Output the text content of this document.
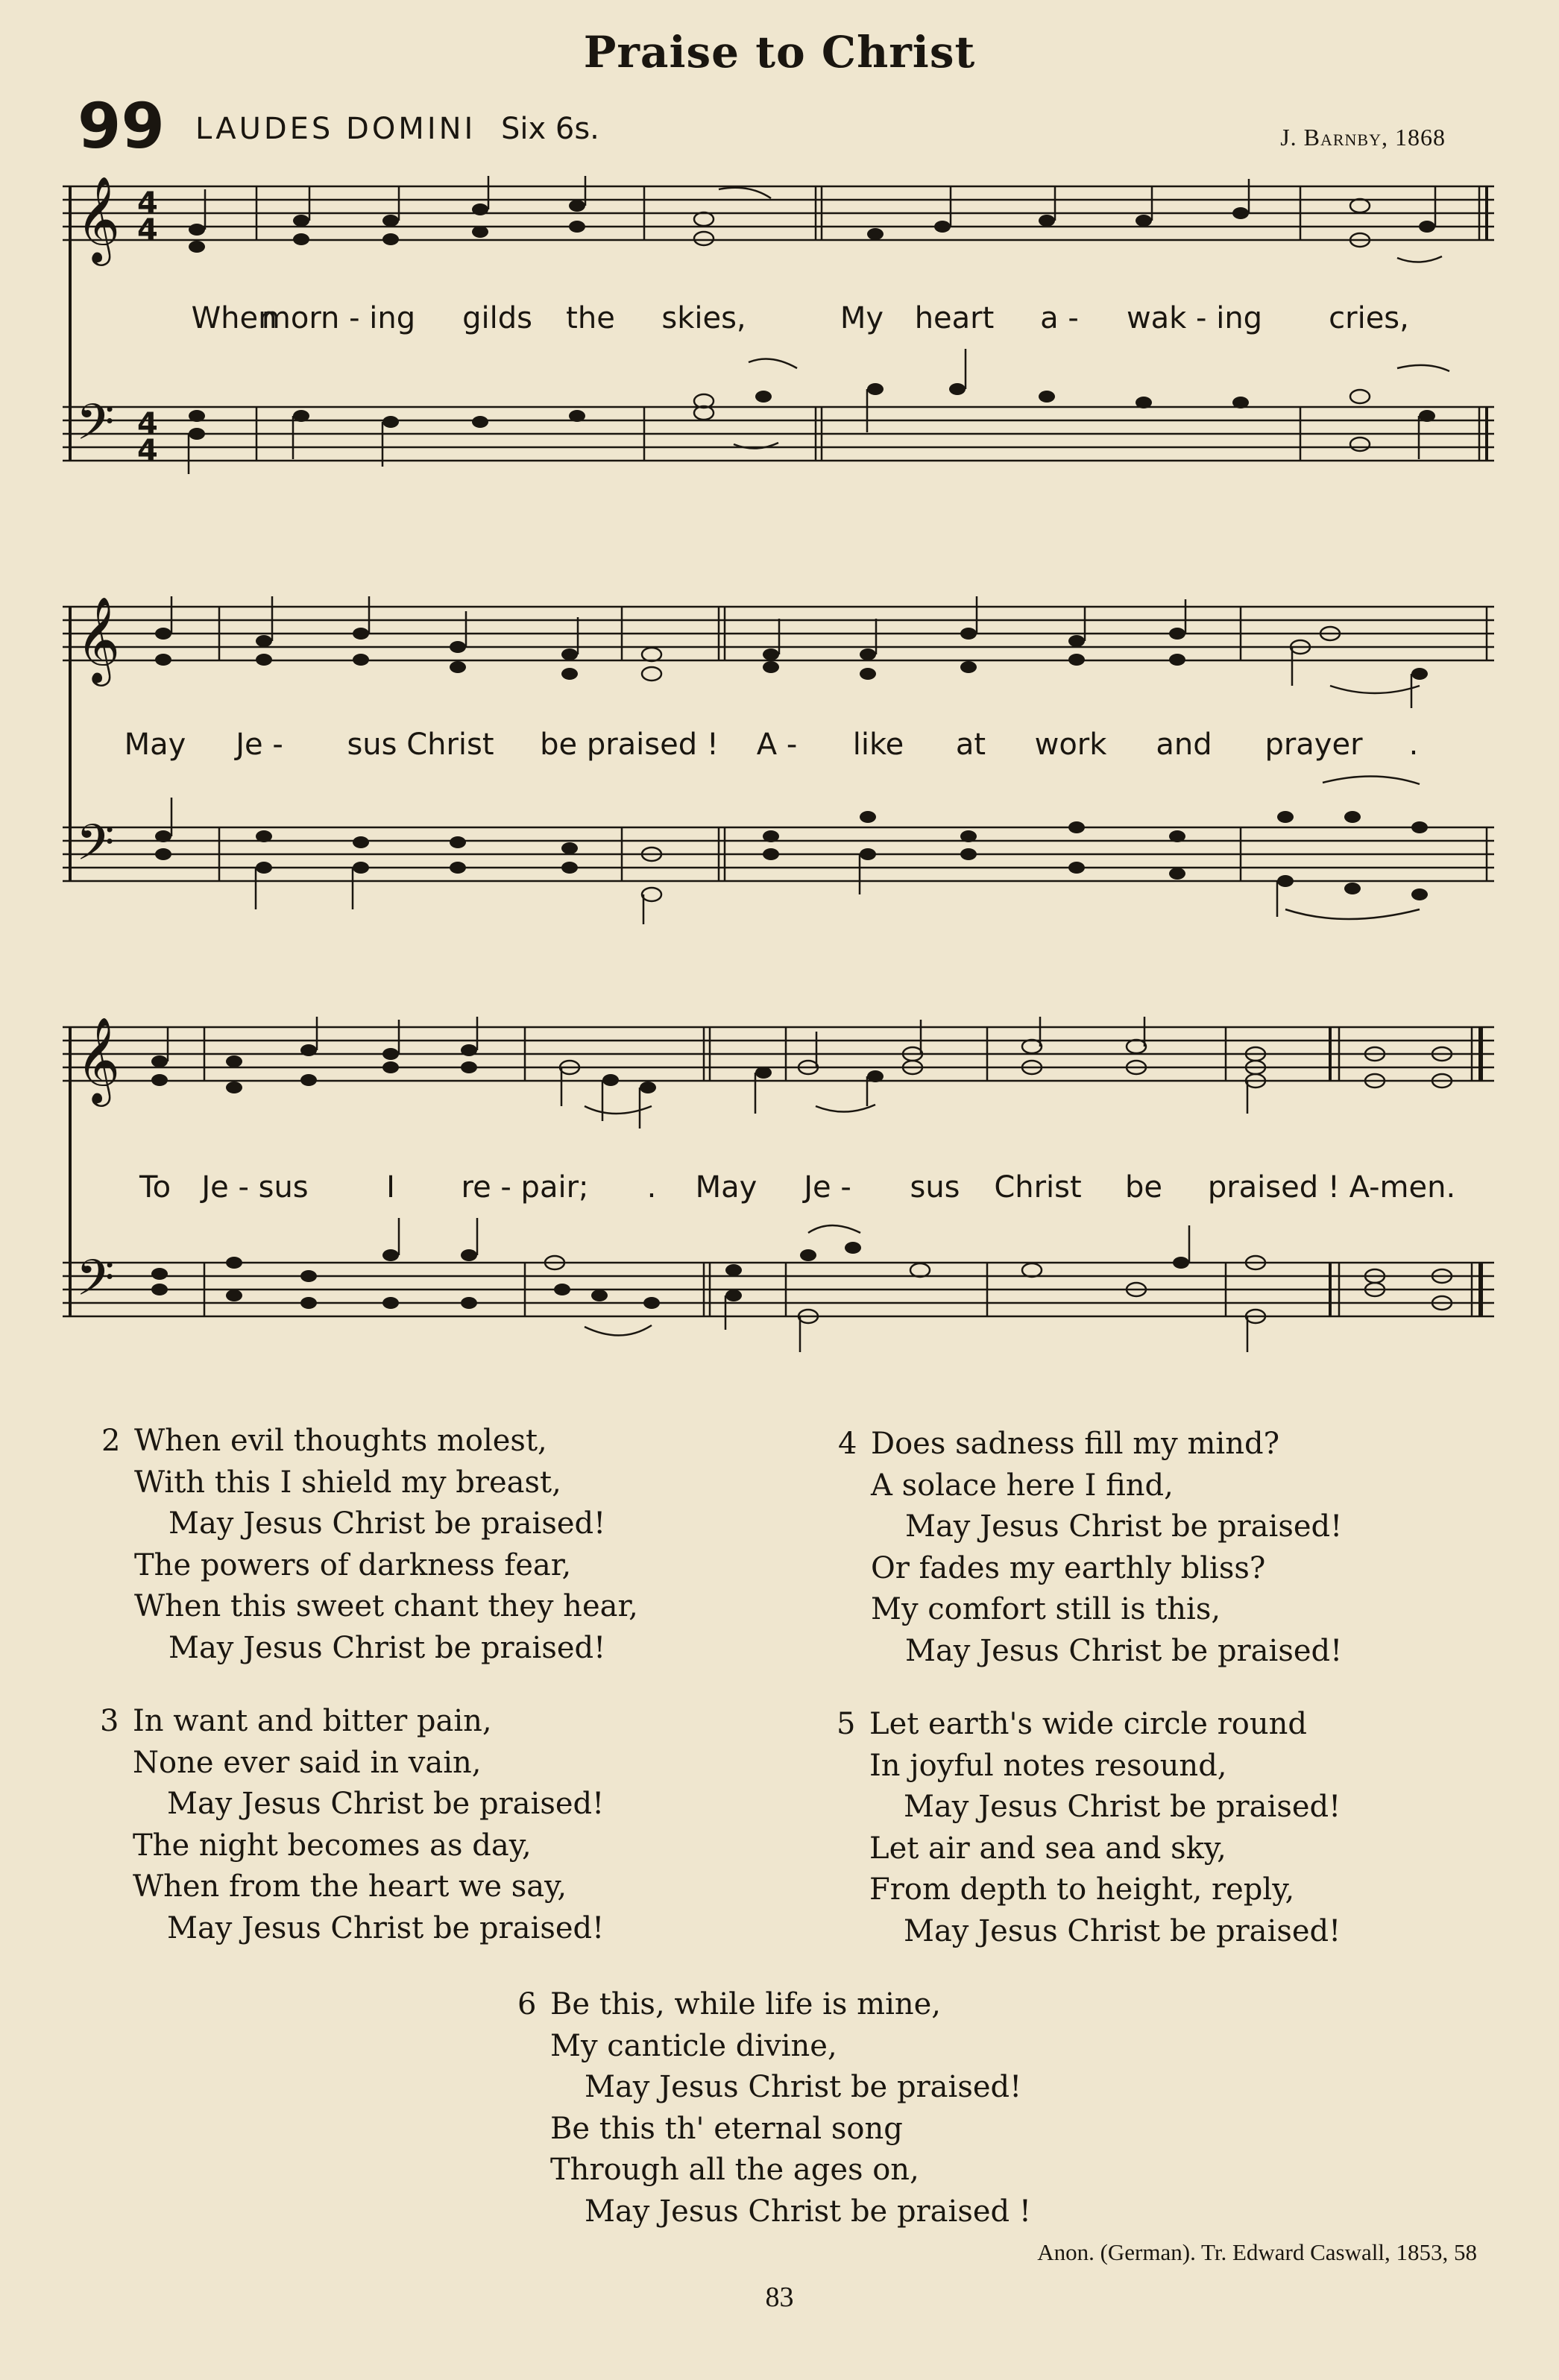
Praise to Christ
99 LAUDES DOMINI Six 6s.	J. Barnby, 1868
𝄞 4
4
𝄢 4
4
When
morn - ing gilds the skies,	My heart a - wak - ing cries,
𝄞
𝄢
May Je - sus Christ be praised ! A - like at work and prayer .
𝄞
𝄢
To Je - sus	I re - pair; . May Je - sus Christ be praised ! A-men.
2 When evil thoughts molest,
With this I shield my breast,
May Jesus Christ be praised!
The powers of darkness fear,
When this sweet chant they hear,
May Jesus Christ be praised!
3 In want and bitter pain,
None ever said in vain,
May Jesus Christ be praised!
The night becomes as day,
When from the heart we say,
May Jesus Christ be praised!
4 Does sadness fill my mind?
A solace here I find,
May Jesus Christ be praised!
Or fades my earthly bliss?
My comfort still is this,
May Jesus Christ be praised!
5 Let earth's wide circle round
In joyful notes resound,
May Jesus Christ be praised!
Let air and sea and sky,
From depth to height, reply,
May Jesus Christ be praised!
6 Be this, while life is mine,
My canticle divine,
May Jesus Christ be praised!
Be this th' eternal song
Through all the ages on,
May Jesus Christ be praised !
Anon. (German). Tr. Edward Caswall, 1853, 58
83
